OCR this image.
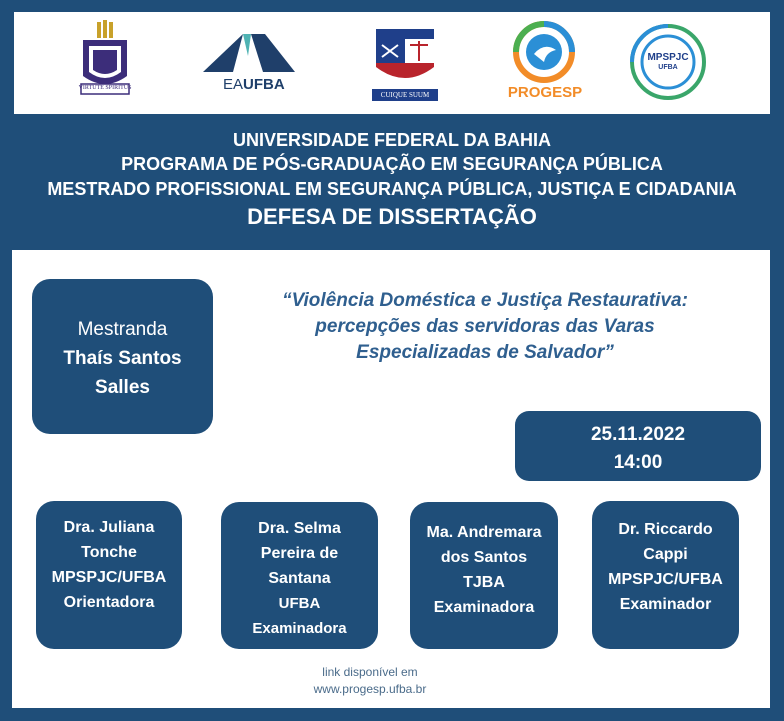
VIRTUTE SPIRITUS	EAUFBA
CUIQUE SUUM	PROGESP
MPSPJC
UFBA
UNIVERSIDADE FEDERAL DA BAHIA
PROGRAMA DE PÓS-GRADUAÇÃO EM SEGURANÇA PÚBLICA
MESTRADO PROFISSIONAL EM SEGURANÇA PÚBLICA, JUSTIÇA E CIDADANIA
DEFESA DE DISSERTAÇÃO
Mestranda
Thaís Santos
Salles
“Violência Doméstica e Justiça Restaurativa:
percepções das servidoras das Varas
Especializadas de Salvador”
25.11.2022
14:00
Dra. Juliana
Tonche
MPSPJC/UFBA
Orientadora
Dra. Selma
Pereira de
Santana
UFBA
Examinadora
Ma. Andremara
dos Santos
TJBA
Examinadora
Dr. Riccardo
Cappi
MPSPJC/UFBA
Examinador
link disponível em
www.progesp.ufba.br
